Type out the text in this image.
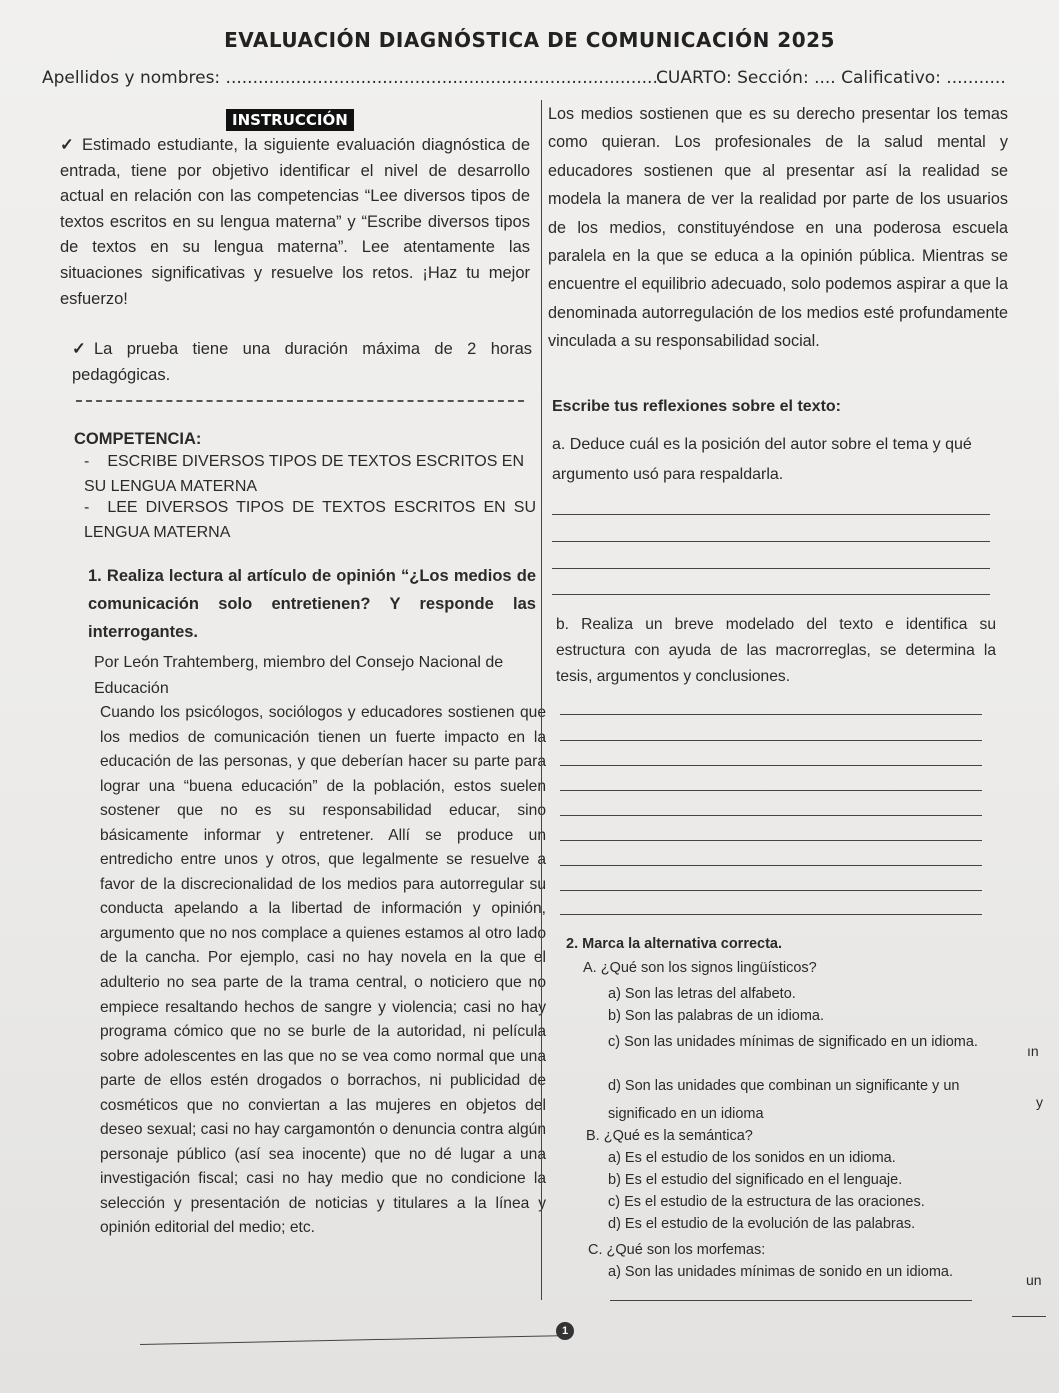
EVALUACIÓN DIAGNÓSTICA DE COMUNICACIÓN 2025
Apellidos y nombres: ..................................................................................
CUARTO: Sección: .... Calificativo: ...........
INSTRUCCIÓN

✓ Estimado estudiante, la siguiente evaluación diagnóstica de entrada, tiene por objetivo identificar el nivel de desarrollo actual en relación con las competencias “Lee diversos tipos de textos escritos en su lengua materna” y “Escribe diversos tipos de textos en su lengua materna”. Lee atentamente las situaciones significativas y resuelve los retos. ¡Haz tu mejor esfuerzo!

✓ La prueba tiene una duración máxima de 2 horas pedagógicas.

COMPETENCIA:
- ESCRIBE DIVERSOS TIPOS DE TEXTOS ESCRITOS EN SU LENGUA MATERNA
- LEE DIVERSOS TIPOS DE TEXTOS ESCRITOS EN SU LENGUA MATERNA
1. Realiza lectura al artículo de opinión “¿Los medios de comunicación solo entretienen? Y responde las interrogantes.
Por León Trahtemberg, miembro del Consejo Nacional de Educación
Cuando los psicólogos, sociólogos y educadores sostienen que los medios de comunicación tienen un fuerte impacto en la educación de las personas, y que deberían hacer su parte para lograr una “buena educación” de la población, estos suelen sostener que no es su responsabilidad educar, sino básicamente informar y entretener. Allí se produce un entredicho entre unos y otros, que legalmente se resuelve a favor de la discrecionalidad de los medios para autorregular su conducta apelando a la libertad de información y opinión, argumento que no nos complace a quienes estamos al otro lado de la cancha. Por ejemplo, casi no hay novela en la que el adulterio no sea parte de la trama central, o noticiero que no empiece resaltando hechos de sangre y violencia; casi no hay programa cómico que no se burle de la autoridad, ni película sobre adolescentes en las que no se vea como normal que una parte de ellos estén drogados o borrachos, ni publicidad de cosméticos que no conviertan a las mujeres en objetos del deseo sexual; casi no hay cargamontón o denuncia contra algún personaje público (así sea inocente) que no dé lugar a una investigación fiscal; casi no hay medio que no condicione la selección y presentación de noticias y titulares a la línea y opinión editorial del medio; etc.
Los medios sostienen que es su derecho presentar los temas como quieran. Los profesionales de la salud mental y educadores sostienen que al presentar así la realidad se modela la manera de ver la realidad por parte de los usuarios de los medios, constituyéndose en una poderosa escuela paralela en la que se educa a la opinión pública. Mientras se encuentre el equilibrio adecuado, solo podemos aspirar a que la denominada autorregulación de los medios esté profundamente vinculada a su responsabilidad social.
Escribe tus reflexiones sobre el texto:
a. Deduce cuál es la posición del autor sobre el tema y qué argumento usó para respaldarla.
b. Realiza un breve modelado del texto e identifica su estructura con ayuda de las macrorreglas, se determina la tesis, argumentos y conclusiones.
2. Marca la alternativa correcta.
A. ¿Qué son los signos lingüísticos?
a) Son las letras del alfabeto.
b) Son las palabras de un idioma.
c) Son las unidades mínimas de significado en un idioma.
d) Son las unidades que combinan un significante y un significado en un idioma
B. ¿Qué es la semántica?
a) Es el estudio de los sonidos en un idioma.
b) Es el estudio del significado en el lenguaje.
c) Es el estudio de la estructura de las oraciones.
d) Es el estudio de la evolución de las palabras.
C. ¿Qué son los morfemas:
a) Son las unidades mínimas de sonido en un idioma.
ın
y
un
1
